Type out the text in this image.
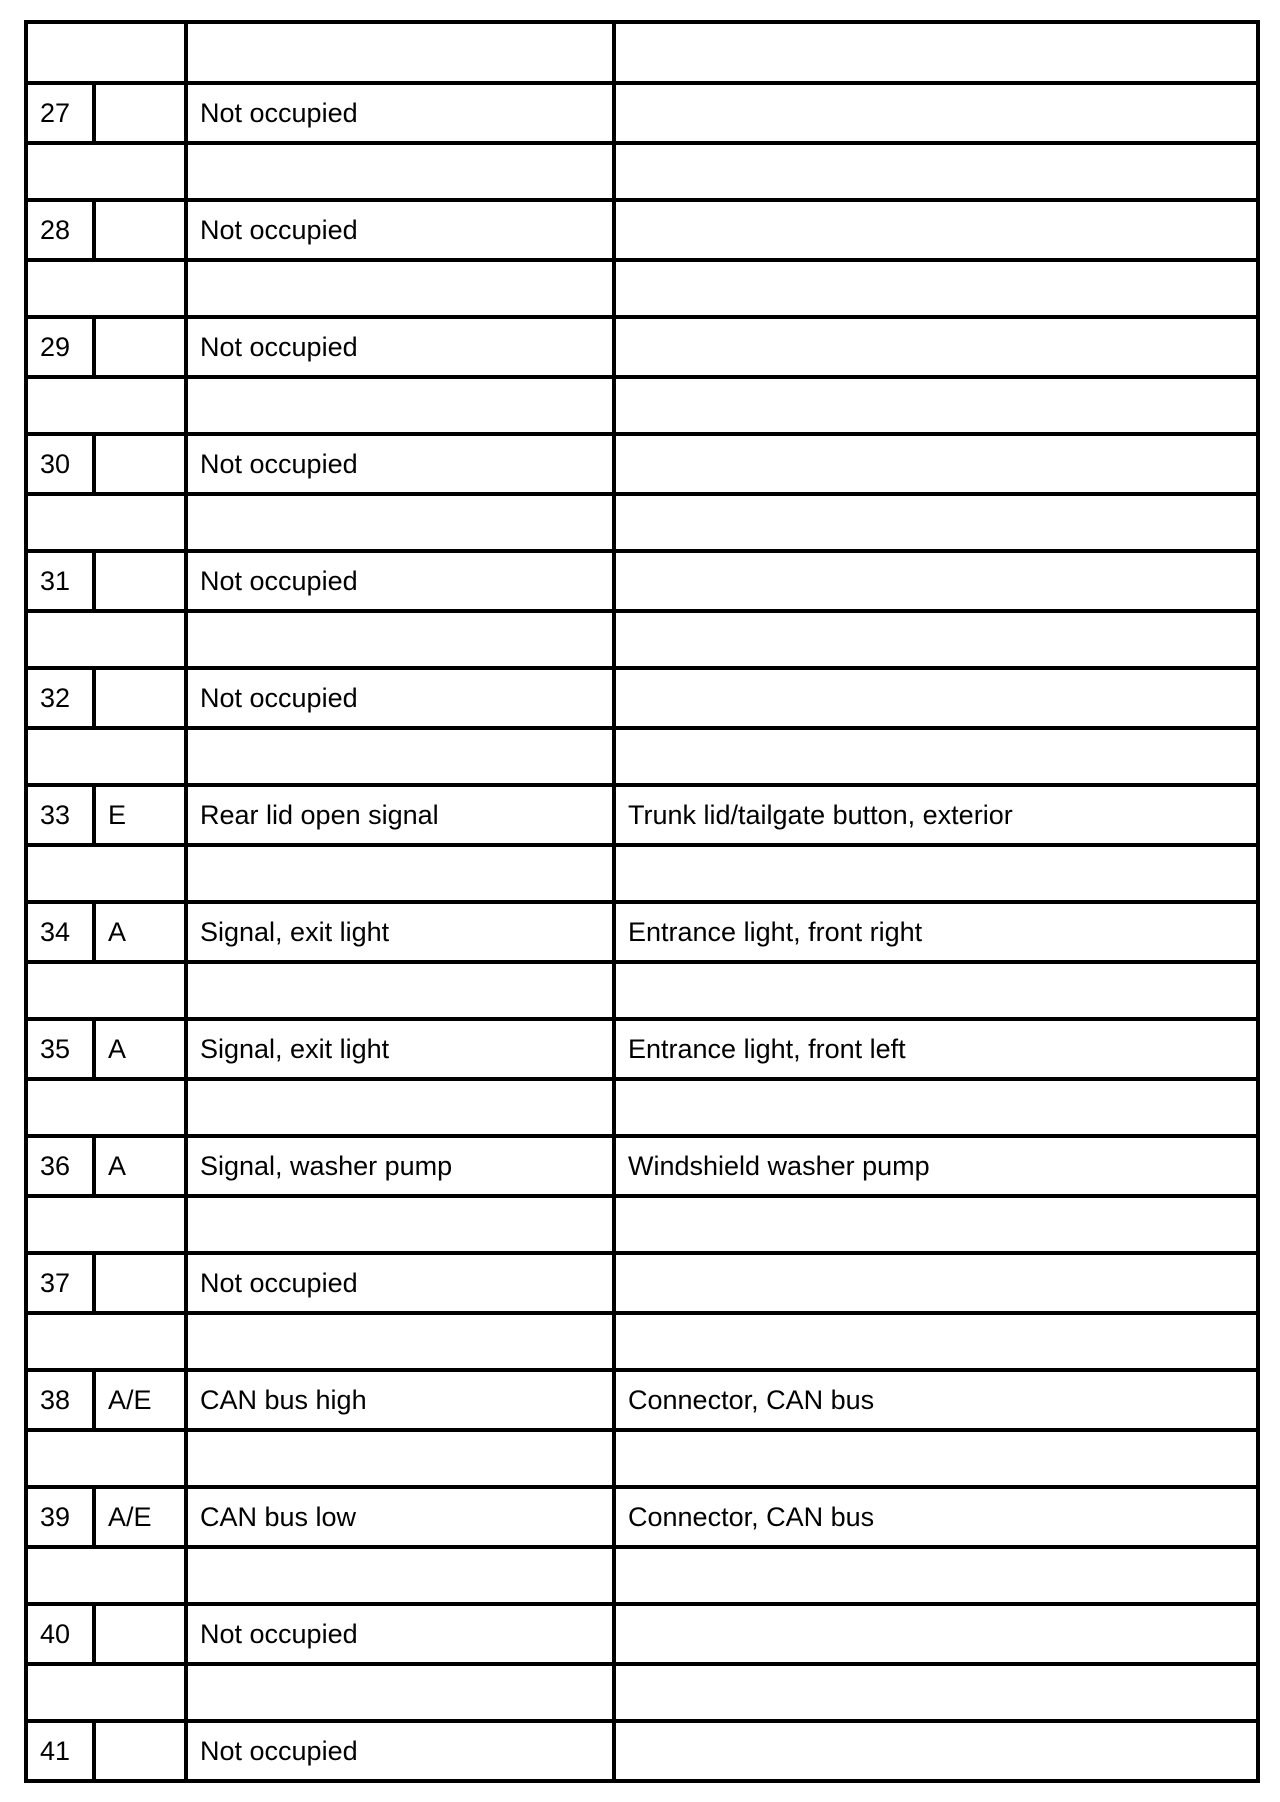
27		Not occupied	

28		Not occupied	

29		Not occupied	

30		Not occupied	

31		Not occupied	

32		Not occupied	

33	E	Rear lid open signal	Trunk lid/tailgate button, exterior

34	A	Signal, exit light	Entrance light, front right

35	A	Signal, exit light	Entrance light, front left

36	A	Signal, washer pump	Windshield washer pump

37		Not occupied	

38	A/E	CAN bus high	Connector, CAN bus

39	A/E	CAN bus low	Connector, CAN bus

40		Not occupied	

41		Not occupied	
